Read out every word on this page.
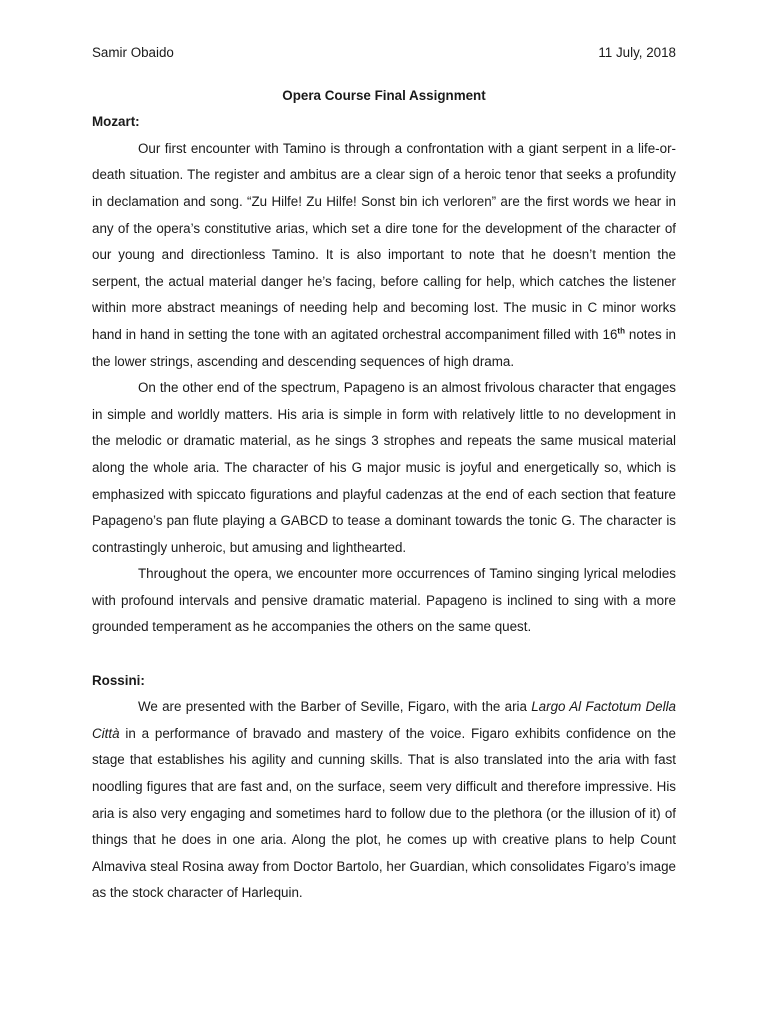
Samir Obaido	11 July, 2018

Opera Course Final Assignment

Mozart:

Our first encounter with Tamino is through a confrontation with a giant serpent in a life-or-death situation. The register and ambitus are a clear sign of a heroic tenor that seeks a profundity in declamation and song. “Zu Hilfe! Zu Hilfe! Sonst bin ich verloren” are the first words we hear in any of the opera’s constitutive arias, which set a dire tone for the development of the character of our young and directionless Tamino. It is also important to note that he doesn’t mention the serpent, the actual material danger he’s facing, before calling for help, which catches the listener within more abstract meanings of needing help and becoming lost. The music in C minor works hand in hand in setting the tone with an agitated orchestral accompaniment filled with 16th notes in the lower strings, ascending and descending sequences of high drama.

On the other end of the spectrum, Papageno is an almost frivolous character that engages in simple and worldly matters. His aria is simple in form with relatively little to no development in the melodic or dramatic material, as he sings 3 strophes and repeats the same musical material along the whole aria. The character of his G major music is joyful and energetically so, which is emphasized with spiccato figurations and playful cadenzas at the end of each section that feature Papageno’s pan flute playing a GABCD to tease a dominant towards the tonic G. The character is contrastingly unheroic, but amusing and lighthearted.

Throughout the opera, we encounter more occurrences of Tamino singing lyrical melodies with profound intervals and pensive dramatic material. Papageno is inclined to sing with a more grounded temperament as he accompanies the others on the same quest.

Rossini:

We are presented with the Barber of Seville, Figaro, with the aria Largo Al Factotum Della Città in a performance of bravado and mastery of the voice. Figaro exhibits confidence on the stage that establishes his agility and cunning skills. That is also translated into the aria with fast noodling figures that are fast and, on the surface, seem very difficult and therefore impressive. His aria is also very engaging and sometimes hard to follow due to the plethora (or the illusion of it) of things that he does in one aria. Along the plot, he comes up with creative plans to help Count Almaviva steal Rosina away from Doctor Bartolo, her Guardian, which consolidates Figaro’s image as the stock character of Harlequin.
